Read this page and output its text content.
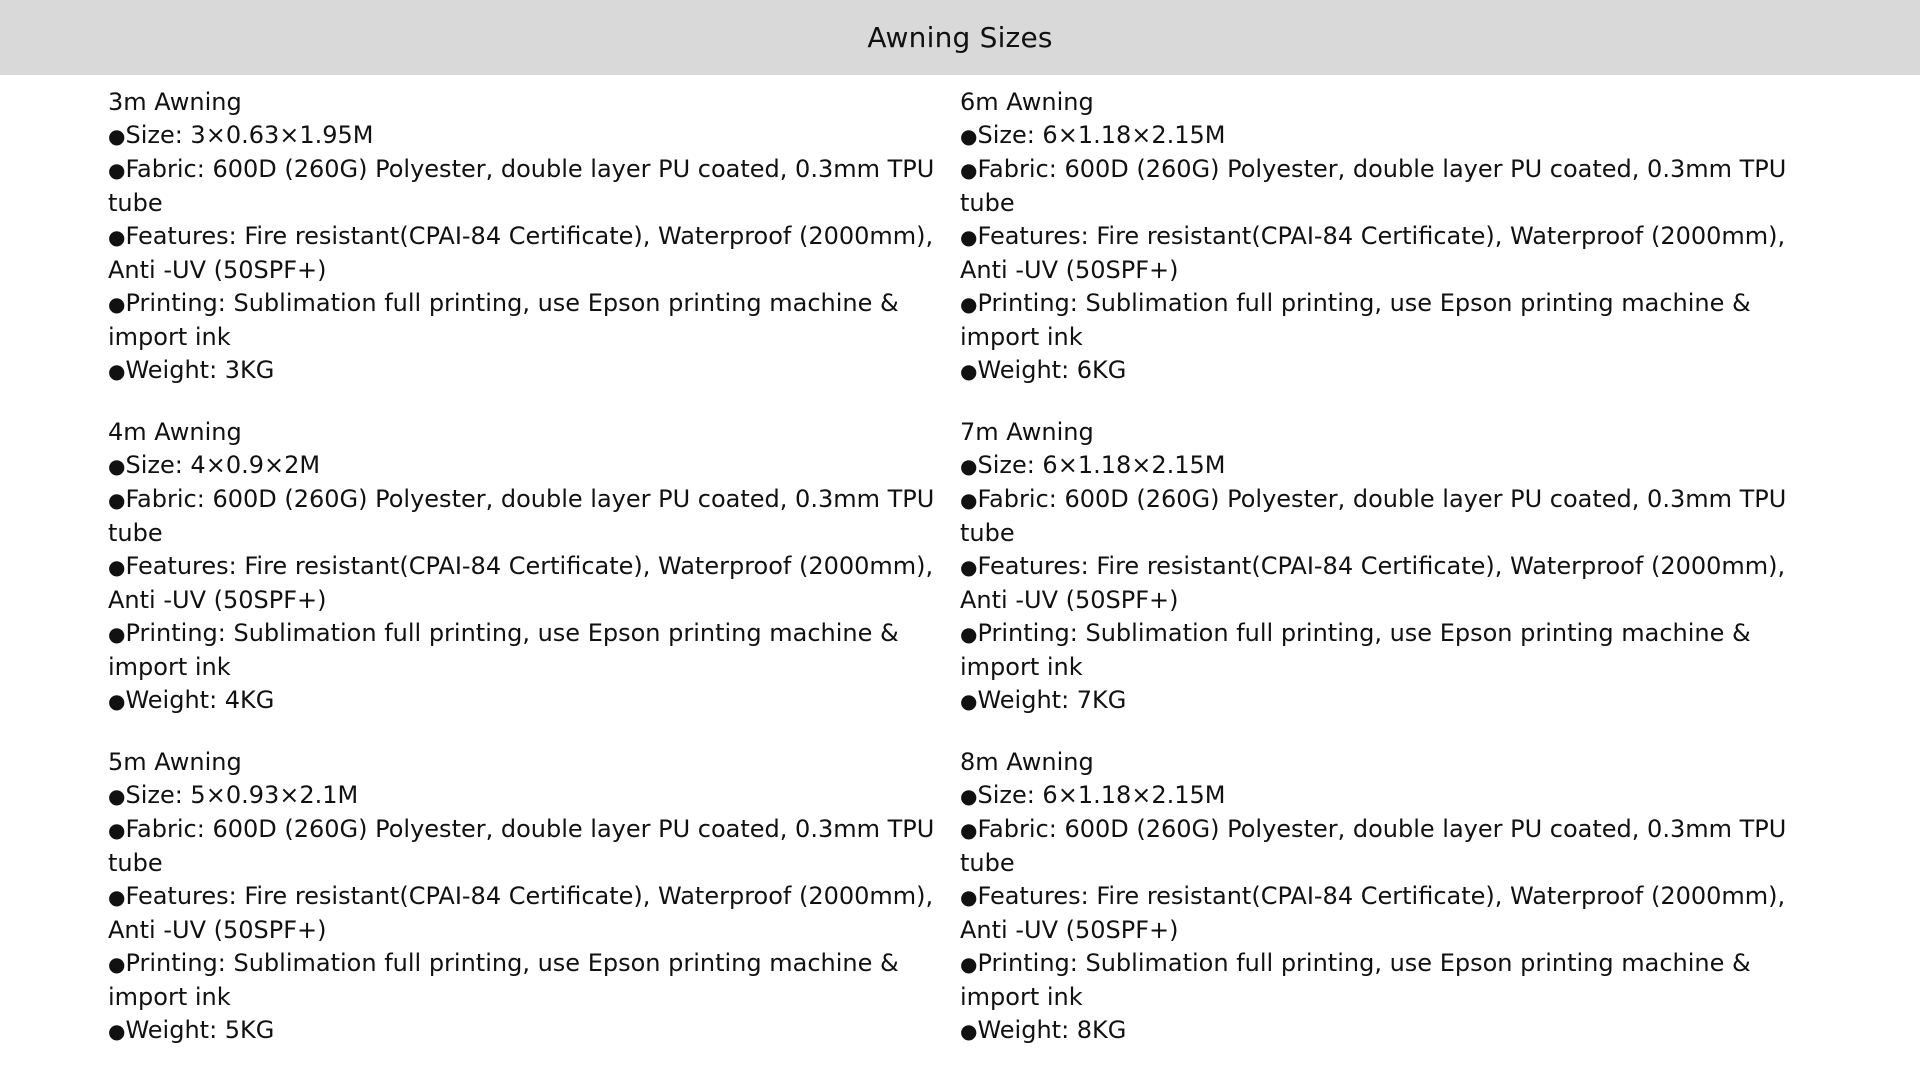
Awning Sizes

3m Awning

● Size: 3×0.63×1.95M

● Fabric: 600D (260G) Polyester, double layer PU coated, 0.3mm TPU tube

● Features: Fire resistant(CPAI-84 Certificate), Waterproof (2000mm), Anti -UV (50SPF+)

● Printing: Sublimation full printing, use Epson printing machine & import ink

● Weight: 3KG

4m Awning

● Size: 4×0.9×2M

● Fabric: 600D (260G) Polyester, double layer PU coated, 0.3mm TPU tube

● Features: Fire resistant(CPAI-84 Certificate), Waterproof (2000mm), Anti -UV (50SPF+)

● Printing: Sublimation full printing, use Epson printing machine & import ink

● Weight: 4KG

5m Awning

● Size: 5×0.93×2.1M

● Fabric: 600D (260G) Polyester, double layer PU coated, 0.3mm TPU tube

● Features: Fire resistant(CPAI-84 Certificate), Waterproof (2000mm), Anti -UV (50SPF+)

● Printing: Sublimation full printing, use Epson printing machine & import ink

● Weight: 5KG

6m Awning

● Size: 6×1.18×2.15M

● Fabric: 600D (260G) Polyester, double layer PU coated, 0.3mm TPU tube

● Features: Fire resistant(CPAI-84 Certificate), Waterproof (2000mm), Anti -UV (50SPF+)

● Printing: Sublimation full printing, use Epson printing machine & import ink

● Weight: 6KG

7m Awning

● Size: 6×1.18×2.15M

● Fabric: 600D (260G) Polyester, double layer PU coated, 0.3mm TPU tube

● Features: Fire resistant(CPAI-84 Certificate), Waterproof (2000mm), Anti -UV (50SPF+)

● Printing: Sublimation full printing, use Epson printing machine & import ink

● Weight: 7KG

8m Awning

● Size: 6×1.18×2.15M

● Fabric: 600D (260G) Polyester, double layer PU coated, 0.3mm TPU tube

● Features: Fire resistant(CPAI-84 Certificate), Waterproof (2000mm), Anti -UV (50SPF+)

● Printing: Sublimation full printing, use Epson printing machine & import ink

● Weight: 8KG
